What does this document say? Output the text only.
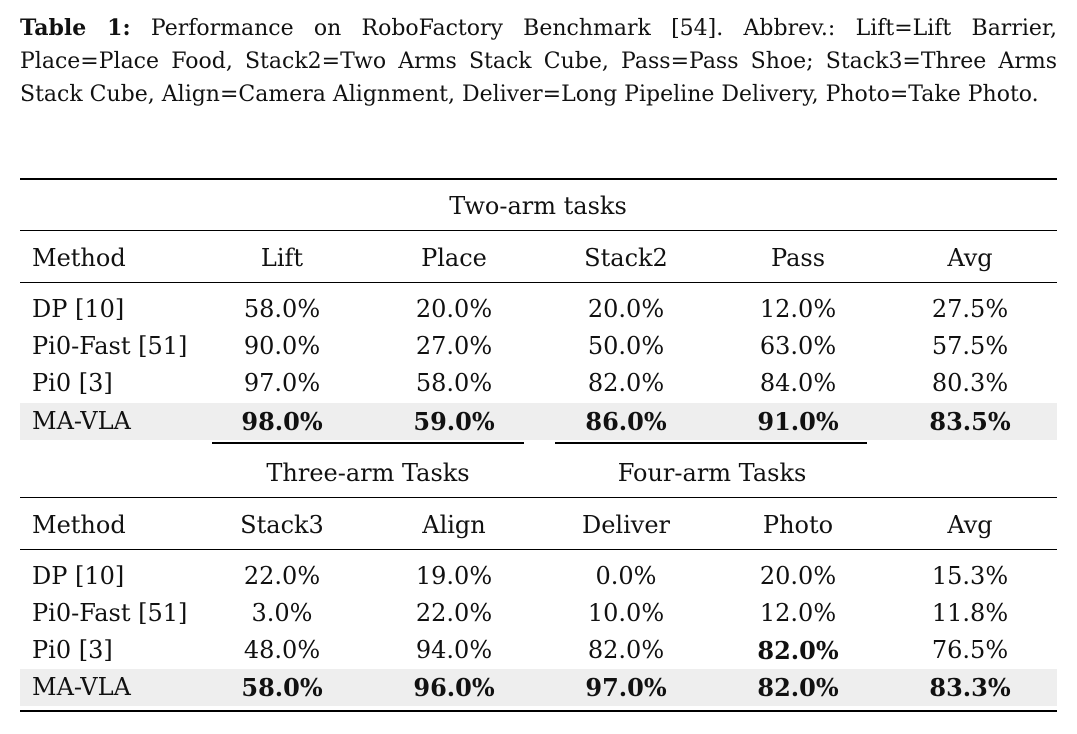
Table 1: Performance on RoboFactory Benchmark [54]. Abbrev.: Lift=Lift Barrier, Place=Place Food, Stack2=Two Arms Stack Cube, Pass=Pass Shoe; Stack3=Three Arms Stack Cube, Align=Camera Alignment, Deliver=Long Pipeline Delivery, Photo=Take Photo.

Two-arm tasks
Method	Lift	Place	Stack2	Pass	Avg
DP [10]	58.0%	20.0%	20.0%	12.0%	27.5%
Pi0-Fast [51] 90.0%	27.0%	50.0%	63.0%	57.5%
Pi0 [3]	97.0%	58.0%	82.0%	84.0%	80.3%
MA-VLA	98.0%	59.0%	86.0%	91.0%	83.5%
Three-arm Tasks	Four-arm Tasks
Method	Stack3	Align	Deliver	Photo	Avg
DP [10]	22.0%	19.0%	0.0%	20.0%	15.3%
Pi0-Fast [51]	3.0%	22.0%	10.0%	12.0%	11.8%
Pi0 [3]	48.0%	94.0%	82.0%	82.0%	76.5%
MA-VLA	58.0%	96.0%	97.0%	82.0%	83.3%
